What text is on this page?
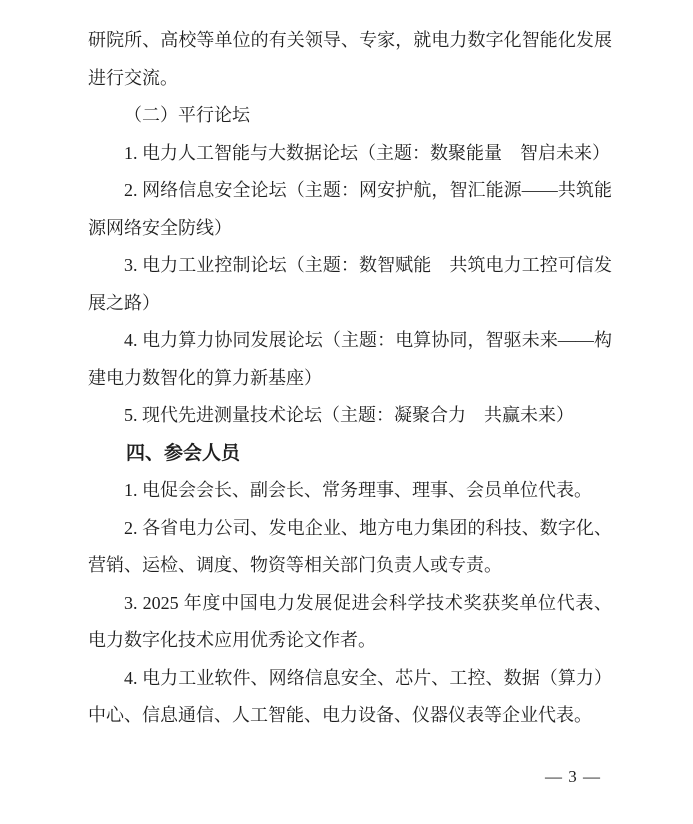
研院所、高校等单位的有关领导、专家，就电力数字化智能化发展进行交流。

（二）平行论坛

1. 电力人工智能与大数据论坛（主题：数聚能量　智启未来）

2. 网络信息安全论坛（主题：网安护航，智汇能源——共筑能源网络安全防线）

3. 电力工业控制论坛（主题：数智赋能　共筑电力工控可信发展之路）

4. 电力算力协同发展论坛（主题：电算协同，智驱未来——构建电力数智化的算力新基座）

5. 现代先进测量技术论坛（主题：凝聚合力　共赢未来）

四、参会人员

1. 电促会会长、副会长、常务理事、理事、会员单位代表。

2. 各省电力公司、发电企业、地方电力集团的科技、数字化、营销、运检、调度、物资等相关部门负责人或专责。

3. 2025 年度中国电力发展促进会科学技术奖获奖单位代表、电力数字化技术应用优秀论文作者。

4. 电力工业软件、网络信息安全、芯片、工控、数据（算力）中心、信息通信、人工智能、电力设备、仪器仪表等企业代表。

— 3 —
